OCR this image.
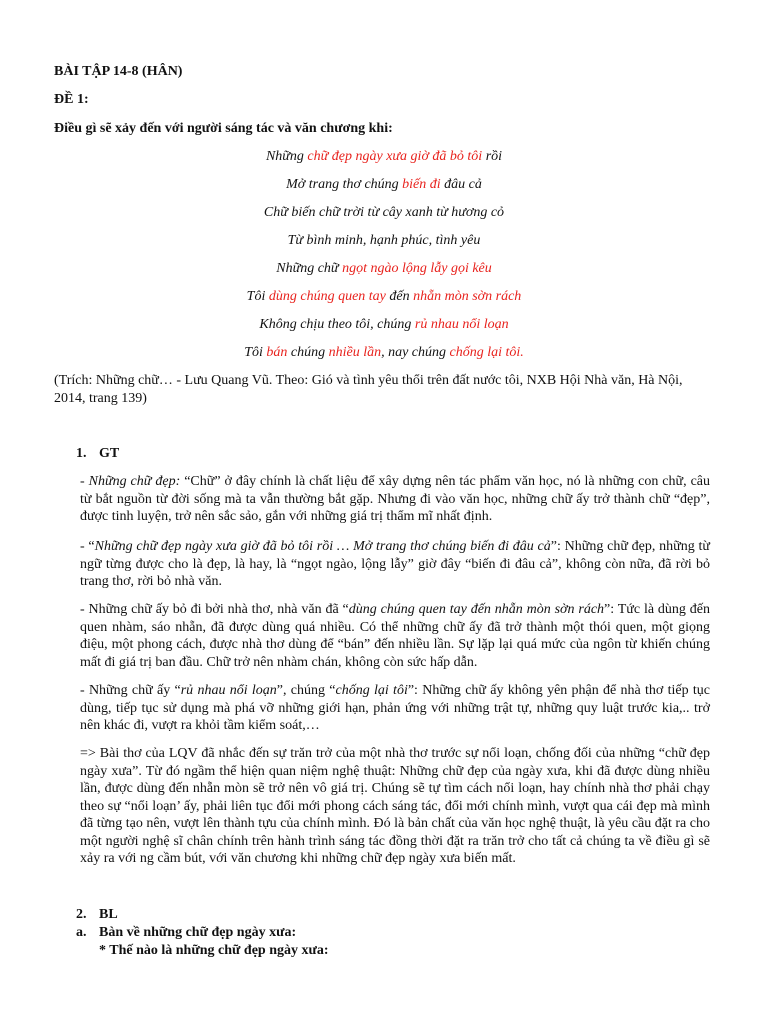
BÀI TẬP 14-8 (HÂN)
ĐỀ 1:
Điều gì sẽ xảy đến với người sáng tác và văn chương khi:
Những chữ đẹp ngày xưa giờ đã bỏ tôi rồi
Mở trang thơ chúng biến đi đâu cả
Chữ biến chữ trời từ cây xanh từ hương cỏ
Từ bình minh, hạnh phúc, tình yêu
Những chữ ngọt ngào lộng lẫy gọi kêu
Tôi dùng chúng quen tay đến nhẵn mòn sờn rách
Không chịu theo tôi, chúng rủ nhau nổi loạn
Tôi bán chúng nhiều lần, nay chúng chống lại tôi.
(Trích: Những chữ… - Lưu Quang Vũ. Theo: Gió và tình yêu thổi trên đất nước tôi, NXB Hội Nhà văn, Hà Nội, 2014, trang 139)
1. GT
- Những chữ đẹp: “Chữ” ở đây chính là chất liệu để xây dựng nên tác phẩm văn học, nó là những con chữ, câu từ bắt nguồn từ đời sống mà ta vẫn thường bắt gặp. Nhưng đi vào văn học, những chữ ấy trở thành chữ “đẹp”, được tinh luyện, trở nên sắc sảo, gắn với những giá trị thẩm mĩ nhất định.
- “Những chữ đẹp ngày xưa giờ đã bỏ tôi rồi … Mở trang thơ chúng biến đi đâu cả”: Những chữ đẹp, những từ ngữ từng được cho là đẹp, là hay, là “ngọt ngào, lộng lẫy” giờ đây “biến đi đâu cả”, không còn nữa, đã rời bỏ trang thơ, rời bỏ nhà văn.
- Những chữ ấy bỏ đi bởi nhà thơ, nhà văn đã “dùng chúng quen tay đến nhẵn mòn sờn rách”: Tức là dùng đến quen nhàm, sáo nhẵn, đã được dùng quá nhiều. Có thể những chữ ấy đã trở thành một thói quen, một giọng điệu, một phong cách, được nhà thơ dùng để “bán” đến nhiều lần. Sự lặp lại quá mức của ngôn từ khiến chúng mất đi giá trị ban đầu. Chữ trở nên nhàm chán, không còn sức hấp dẫn.
- Những chữ ấy “rủ nhau nổi loạn”, chúng “chống lại tôi”: Những chữ ấy không yên phận để nhà thơ tiếp tục dùng, tiếp tục sử dụng mà phá vỡ những giới hạn, phản ứng với những trật tự, những quy luật trước kia,.. trở nên khác đi, vượt ra khỏi tầm kiểm soát,…
=> Bài thơ của LQV đã nhắc đến sự trăn trở của một nhà thơ trước sự nổi loạn, chống đối của những “chữ đẹp ngày xưa”. Từ đó ngầm thể hiện quan niệm nghệ thuật: Những chữ đẹp của ngày xưa, khi đã được dùng nhiều lần, được dùng đến nhẵn mòn sẽ trở nên vô giá trị. Chúng sẽ tự tìm cách nổi loạn, hay chính nhà thơ phải chạy theo sự “nổi loạn’ ấy, phải liên tục đổi mới phong cách sáng tác, đổi mới chính mình, vượt qua cái đẹp mà mình đã từng tạo nên, vượt lên thành tựu của chính mình. Đó là bản chất của văn học nghệ thuật, là yêu cầu đặt ra cho một người nghệ sĩ chân chính trên hành trình sáng tác đồng thời đặt ra trăn trở cho tất cả chúng ta về điều gì sẽ xảy ra với ng cầm bút, với văn chương khi những chữ đẹp ngày xưa biến mất.
2. BL
a. Bàn về những chữ đẹp ngày xưa:
* Thế nào là những chữ đẹp ngày xưa:
